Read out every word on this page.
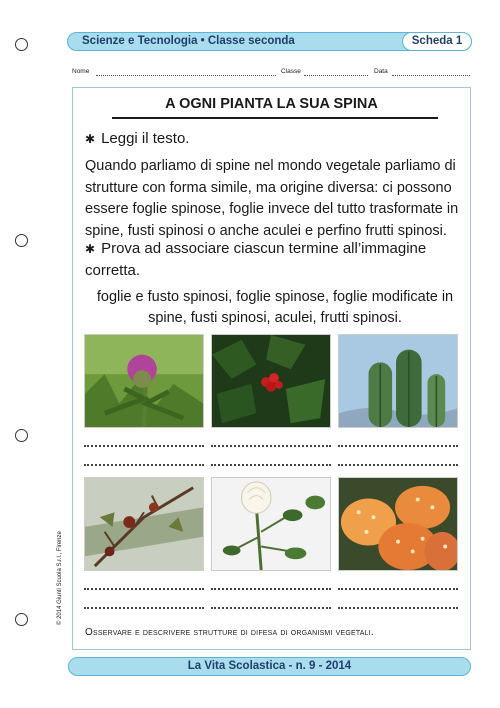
Scienze e Tecnologia • Classe seconda	Scheda 1
Nome	Classe	Data
A OGNI PIANTA LA SUA SPINA
✱ Leggi il testo.
Quando parliamo di spine nel mondo vegetale parliamo di
strutture con forma simile, ma origine diversa: ci possono
essere foglie spinose, foglie invece del tutto trasformate in
spine, fusti spinosi o anche aculei e perfino frutti spinosi.
✱ Prova ad associare ciascun termine all’immagine
corretta.
foglie e fusto spinosi, foglie spinose, foglie modificate in
spine, fusti spinosi, aculei, frutti spinosi.
Osservare e descrivere strutture di difesa di organismi vegetali.
© 2014 Giunti Scuola S.r.l., Firenze
La Vita Scolastica - n. 9 - 2014
